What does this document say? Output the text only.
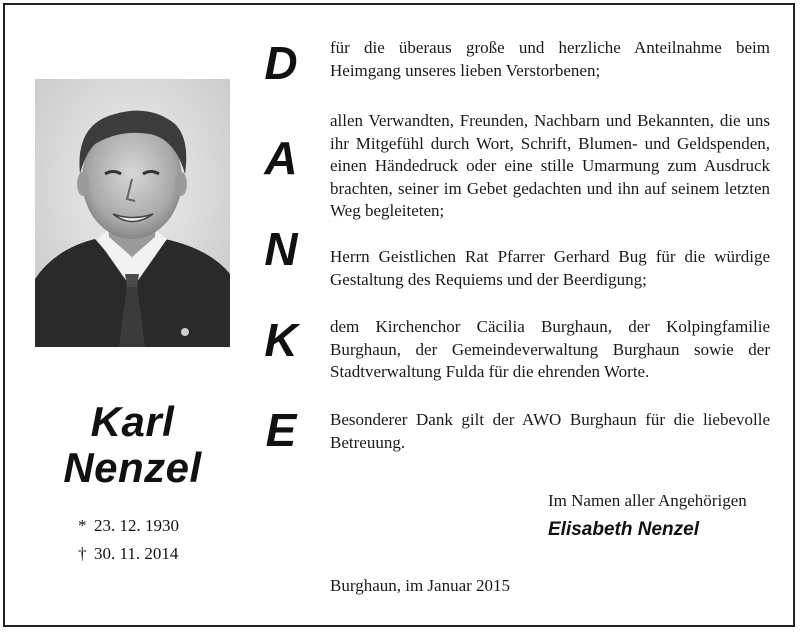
Karl
Nenzel
* 23. 12. 1930
† 30. 11. 2014
D
A
N
K
E
für die überaus große und herzliche Anteilnahme beim Heimgang unseres lieben Verstorbenen;
allen Verwandten, Freunden, Nachbarn und Bekannten, die uns ihr Mitgefühl durch Wort, Schrift, Blumen- und Geldspenden, einen Händedruck oder eine stille Umarmung zum Ausdruck brachten, seiner im Gebet gedachten und ihn auf seinem letzten Weg begleiteten;
Herrn Geistlichen Rat Pfarrer Gerhard Bug für die würdige Gestaltung des Requiems und der Beerdigung;
dem Kirchenchor Cäcilia Burghaun, der Kolpingfamilie Burghaun, der Gemeindeverwaltung Burghaun sowie der Stadtverwaltung Fulda für die ehrenden Worte.
Besonderer Dank gilt der AWO Burghaun für die liebevolle Betreuung.
Im Namen aller Angehörigen
Elisabeth Nenzel
Burghaun, im Januar 2015
